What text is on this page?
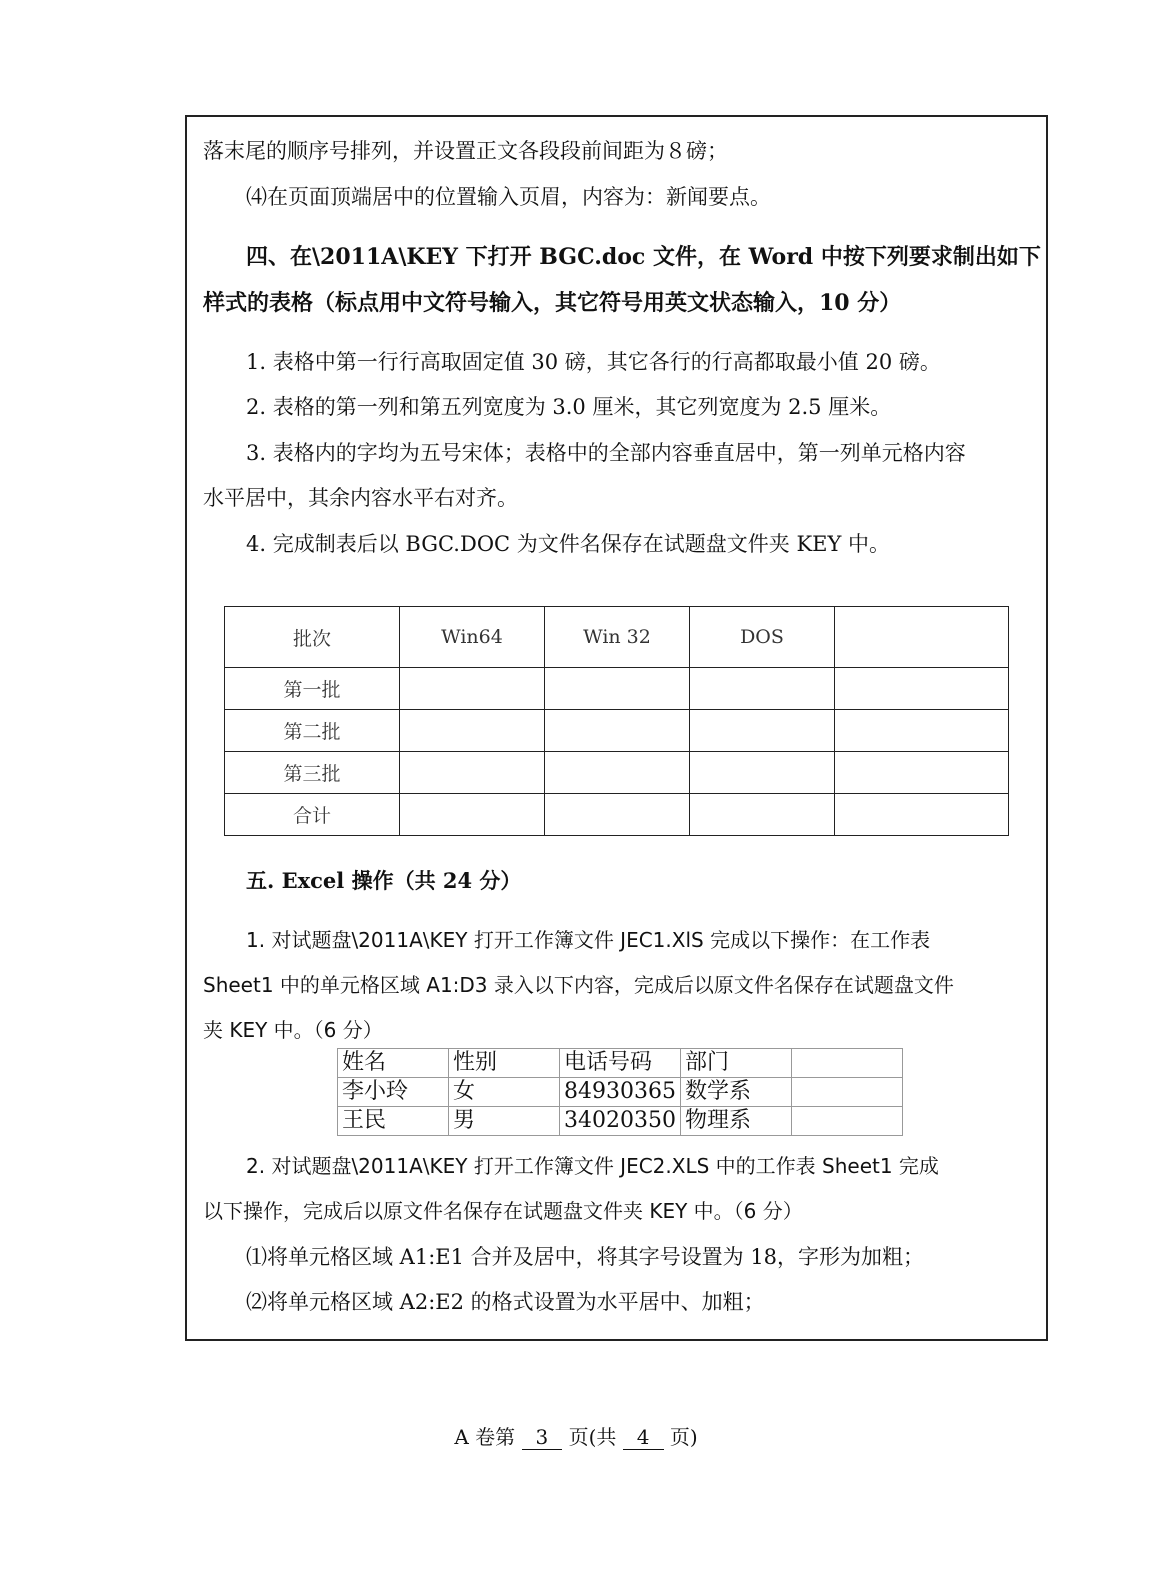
落末尾的顺序号排列，并设置正文各段段前间距为８磅；
⑷在页面顶端居中的位置输入页眉，内容为：新闻要点。
四、在\2011A\KEY 下打开 BGC.doc 文件，在 Word 中按下列要求制出如下
样式的表格（标点用中文符号输入，其它符号用英文状态输入，10 分）
1. 表格中第一行行高取固定值 30 磅，其它各行的行高都取最小值 20 磅。
2. 表格的第一列和第五列宽度为 3.0 厘米，其它列宽度为 2.5 厘米。
3. 表格内的字均为五号宋体；表格中的全部内容垂直居中，第一列单元格内容
水平居中，其余内容水平右对齐。
4. 完成制表后以 BGC.DOC 为文件名保存在试题盘文件夹 KEY 中。
批次	Win64	Win 32	DOS	
第一批				
第二批				
第三批				
合计				
五. Excel 操作（共 24 分）
1. 对试题盘\2011A\KEY 打开工作簿文件 JEC1.XlS 完成以下操作：在工作表
Sheet1 中的单元格区域 A1:D3 录入以下内容，完成后以原文件名保存在试题盘文件
夹 KEY 中。（6 分）
姓名	性别	电话号码	部门	
李小玲	女	84930365	数学系	
王民	男	34020350	物理系	
2. 对试题盘\2011A\KEY 打开工作簿文件 JEC2.XLS 中的工作表 Sheet1 完成
以下操作，完成后以原文件名保存在试题盘文件夹 KEY 中。（6 分）
⑴将单元格区域 A1:E1 合并及居中，将其字号设置为 18，字形为加粗；
⑵将单元格区域 A2:E2 的格式设置为水平居中、加粗；
A 卷第 3 页(共 4 页)
